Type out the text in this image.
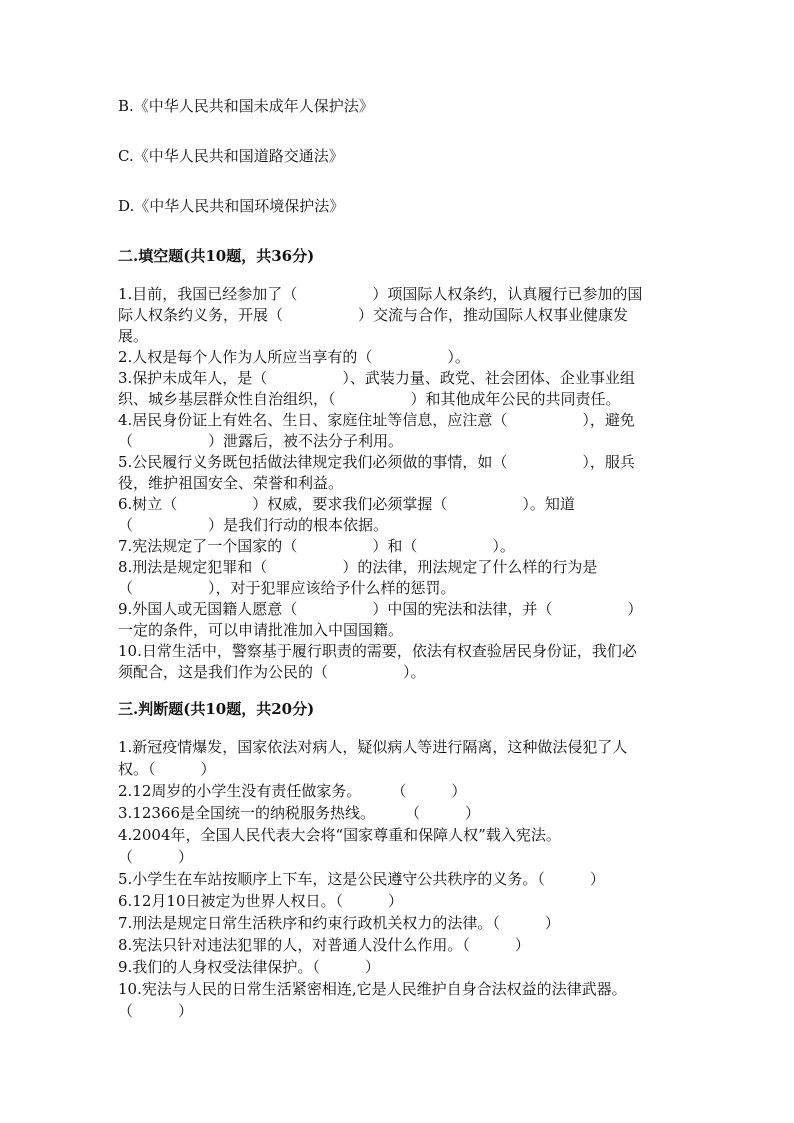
B.《中华人民共和国未成年人保护法》
C.《中华人民共和国道路交通法》
D.《中华人民共和国环境保护法》
二.填空题(共10题，共36分)
1.目前，我国已经参加了（　　　　　）项国际人权条约，认真履行已参加的国
际人权条约义务，开展（　　　　　）交流与合作，推动国际人权事业健康发
展。
2.人权是每个人作为人所应当享有的（　　　　　）。
3.保护未成年人，是（　　　　　）、武装力量、政党、社会团体、企业事业组
织、城乡基层群众性自治组织，（　　　　　）和其他成年公民的共同责任。
4.居民身份证上有姓名、生日、家庭住址等信息，应注意（　　　　　），避免
（　　　　　）泄露后，被不法分子利用。
5.公民履行义务既包括做法律规定我们必须做的事情，如（　　　　　），服兵
役，维护祖国安全、荣誉和利益。
6.树立（　　　　　）权威，要求我们必须掌握（　　　　　）。知道
（　　　　　）是我们行动的根本依据。
7.宪法规定了一个国家的（　　　　　）和（　　　　　）。
8.刑法是规定犯罪和（　　　　　）的法律，刑法规定了什么样的行为是
（　　　　　），对于犯罪应该给予什么样的惩罚。
9.外国人或无国籍人愿意（　　　　　）中国的宪法和法律，并（　　　　　）
一定的条件，可以申请批准加入中国国籍。
10.日常生活中，警察基于履行职责的需要，依法有权查验居民身份证，我们必
须配合，这是我们作为公民的（　　　　　）。
三.判断题(共10题，共20分)
1.新冠疫情爆发，国家依法对病人，疑似病人等进行隔离，这种做法侵犯了人
权。（　　　）
2.12周岁的小学生没有责任做家务。　　　（　　　）
3.12366是全国统一的纳税服务热线。　　　（　　　）
4.2004年，全国人民代表大会将“国家尊重和保障人权”载入宪法。
（　　　）
5.小学生在车站按顺序上下车，这是公民遵守公共秩序的义务。（　　　）
6.12月10日被定为世界人权日。（　　　）
7.刑法是规定日常生活秩序和约束行政机关权力的法律。（　　　）
8.宪法只针对违法犯罪的人，对普通人没什么作用。（　　　）
9.我们的人身权受法律保护。（　　　）
10.宪法与人民的日常生活紧密相连,它是人民维护自身合法权益的法律武器。
（　　　）
